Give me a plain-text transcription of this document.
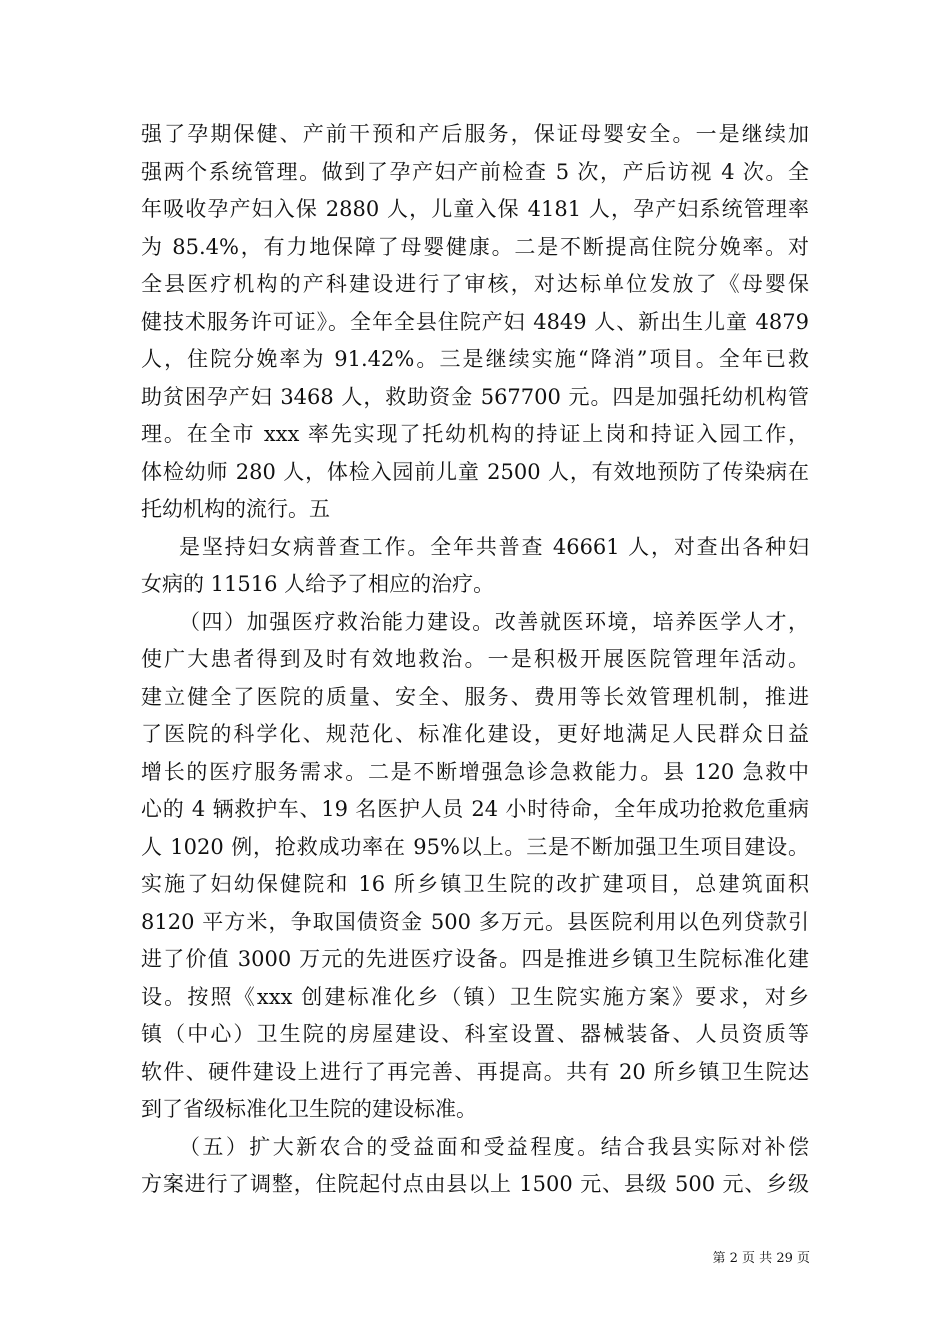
强了孕期保健、产前干预和产后服务，保证母婴安全。一是继续加
强两个系统管理。做到了孕产妇产前检查 5 次，产后访视 4 次。全
年吸收孕产妇入保 2880 人，儿童入保 4181 人，孕产妇系统管理率
为 85.4%，有力地保障了母婴健康。二是不断提高住院分娩率。对
全县医疗机构的产科建设进行了审核，对达标单位发放了《母婴保
健技术服务许可证》。全年全县住院产妇 4849 人、新出生儿童 4879
人，住院分娩率为 91.42%。三是继续实施“降消”项目。全年已救
助贫困孕产妇 3468 人，救助资金 567700 元。四是加强托幼机构管
理。在全市 xxx 率先实现了托幼机构的持证上岗和持证入园工作，
体检幼师 280 人，体检入园前儿童 2500 人，有效地预防了传染病在
托幼机构的流行。五
是坚持妇女病普查工作。全年共普查 46661 人，对查出各种妇
女病的 11516 人给予了相应的治疗。
（四）加强医疗救治能力建设。改善就医环境，培养医学人才，
使广大患者得到及时有效地救治。一是积极开展医院管理年活动。
建立健全了医院的质量、安全、服务、费用等长效管理机制，推进
了医院的科学化、规范化、标准化建设，更好地满足人民群众日益
增长的医疗服务需求。二是不断增强急诊急救能力。县 120 急救中
心的 4 辆救护车、19 名医护人员 24 小时待命，全年成功抢救危重病
人 1020 例，抢救成功率在 95%以上。三是不断加强卫生项目建设。
实施了妇幼保健院和 16 所乡镇卫生院的改扩建项目，总建筑面积
8120 平方米，争取国债资金 500 多万元。县医院利用以色列贷款引
进了价值 3000 万元的先进医疗设备。四是推进乡镇卫生院标准化建
设。按照《xxx 创建标准化乡（镇）卫生院实施方案》要求，对乡
镇（中心）卫生院的房屋建设、科室设置、器械装备、人员资质等
软件、硬件建设上进行了再完善、再提高。共有 20 所乡镇卫生院达
到了省级标准化卫生院的建设标准。
（五）扩大新农合的受益面和受益程度。结合我县实际对补偿
方案进行了调整，住院起付点由县以上 1500 元、县级 500 元、乡级
第 2 页 共 29 页
